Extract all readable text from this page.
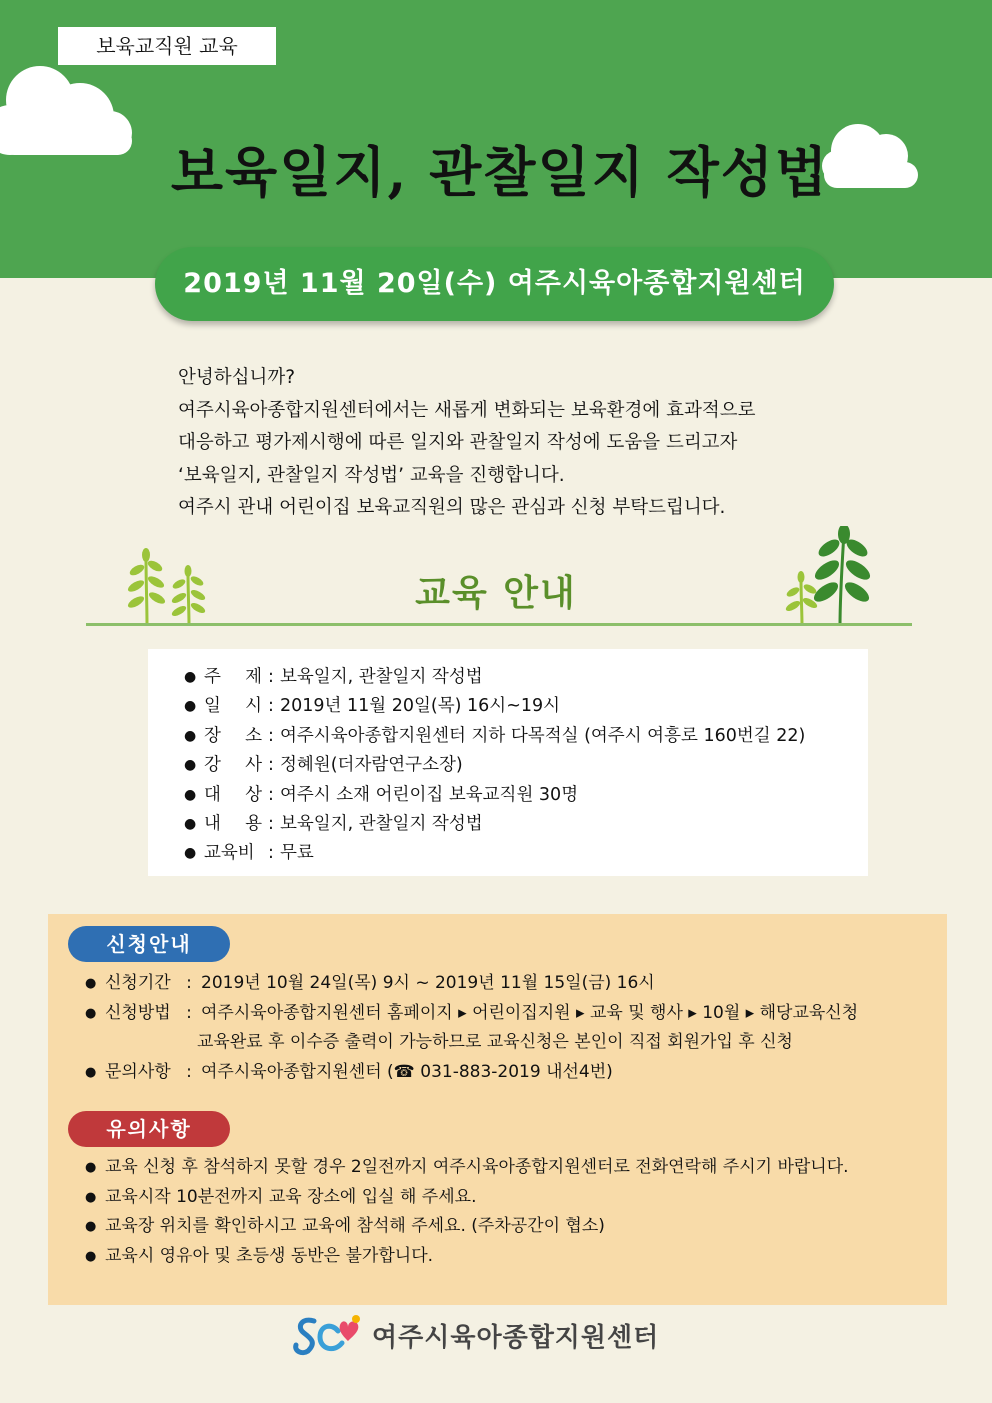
보육교직원 교육
보육일지, 관찰일지 작성법
2019년 11월 20일(수) 여주시육아종합지원센터
안녕하십니까?
여주시육아종합지원센터에서는 새롭게 변화되는 보육환경에 효과적으로
대응하고 평가제시행에 따른 일지와 관찰일지 작성에 도움을 드리고자
‘보육일지, 관찰일지 작성법’ 교육을 진행합니다.
여주시 관내 어린이집 보육교직원의 많은 관심과 신청 부탁드립니다.
교육 안내
● 주 제 : 보육일지, 관찰일지 작성법
● 일 시 : 2019년 11월 20일(목) 16시~19시
● 장 소 : 여주시육아종합지원센터 지하 다목적실 (여주시 여흥로 160번길 22)
● 강 사 : 정혜원(더자람연구소장)
● 대 상 : 여주시 소재 어린이집 보육교직원 30명
● 내 용 : 보육일지, 관찰일지 작성법
● 교육비 : 무료
신청안내
● 신청기간 : 2019년 10월 24일(목) 9시 ~ 2019년 11월 15일(금) 16시
● 신청방법 : 여주시육아종합지원센터 홈페이지 ▸ 어린이집지원 ▸ 교육 및 행사 ▸ 10월 ▸ 해당교육신청
교육완료 후 이수증 출력이 가능하므로 교육신청은 본인이 직접 회원가입 후 신청
● 문의사항 : 여주시육아종합지원센터 (☎ 031-883-2019 내선4번)
유의사항
● 교육 신청 후 참석하지 못할 경우 2일전까지 여주시육아종합지원센터로 전화연락해 주시기 바랍니다.
● 교육시작 10분전까지 교육 장소에 입실 해 주세요.
● 교육장 위치를 확인하시고 교육에 참석해 주세요. (주차공간이 협소)
● 교육시 영유아 및 초등생 동반은 불가합니다.
여주시육아종합지원센터
